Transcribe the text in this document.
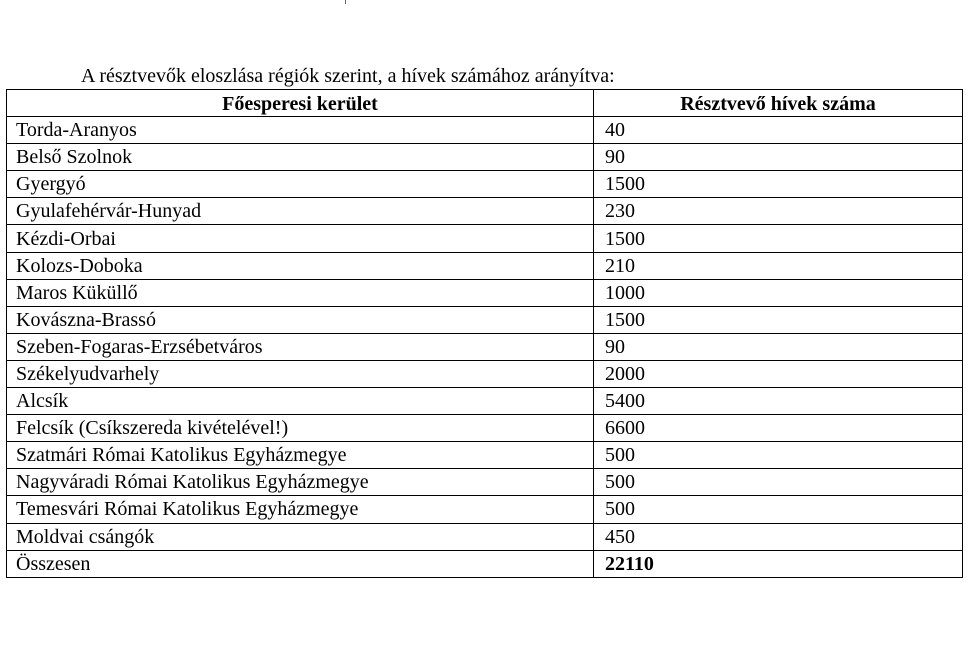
A résztvevők eloszlása régiók szerint, a hívek számához arányítva:
Főesperesi kerület	Résztvevő hívek száma
Torda-Aranyos	40
Belső Szolnok	90
Gyergyó	1500
Gyulafehérvár-Hunyad	230
Kézdi-Orbai	1500
Kolozs-Doboka	210
Maros Küküllő	1000
Kovászna-Brassó	1500
Szeben-Fogaras-Erzsébetváros	90
Székelyudvarhely	2000
Alcsík	5400
Felcsík (Csíkszereda kivételével!)	6600
Szatmári Római Katolikus Egyházmegye	500
Nagyváradi Római Katolikus Egyházmegye	500
Temesvári Római Katolikus Egyházmegye	500
Moldvai csángók	450
Összesen	22110
